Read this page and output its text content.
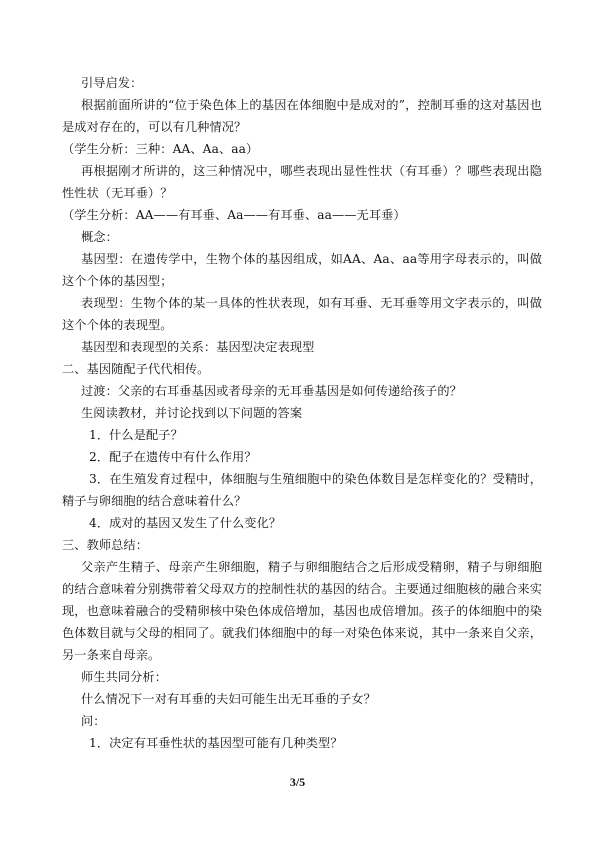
引导启发：

根据前面所讲的“位于染色体上的基因在体细胞中是成对的”，控制耳垂的这对基因也是成对存在的，可以有几种情况？

（学生分析：三种：AA、Aa、aa）

再根据刚才所讲的，这三种情况中，哪些表现出显性性状（有耳垂）？哪些表现出隐性性状（无耳垂）？

（学生分析：AA——有耳垂、Aa——有耳垂、aa——无耳垂）

概念：

基因型：在遗传学中，生物个体的基因组成，如AA、Aa、aa等用字母表示的，叫做这个个体的基因型；

表现型：生物个体的某一具体的性状表现，如有耳垂、无耳垂等用文字表示的，叫做这个个体的表现型。

基因型和表现型的关系：基因型决定表现型

二、基因随配子代代相传。

过渡：父亲的右耳垂基因或者母亲的无耳垂基因是如何传递给孩子的？

生阅读教材，并讨论找到以下问题的答案

1．什么是配子？

2．配子在遗传中有什么作用？

3．在生殖发育过程中，体细胞与生殖细胞中的染色体数目是怎样变化的？受精时，精子与卵细胞的结合意味着什么？

4．成对的基因又发生了什么变化？

三、教师总结：

父亲产生精子、母亲产生卵细胞，精子与卵细胞结合之后形成受精卵，精子与卵细胞的结合意味着分别携带着父母双方的控制性状的基因的结合。主要通过细胞核的融合来实现，也意味着融合的受精卵核中染色体成倍增加，基因也成倍增加。孩子的体细胞中的染色体数目就与父母的相同了。就我们体细胞中的每一对染色体来说，其中一条来自父亲，另一条来自母亲。

师生共同分析：

什么情况下一对有耳垂的夫妇可能生出无耳垂的子女？

问：

1．决定有耳垂性状的基因型可能有几种类型？

3/5
